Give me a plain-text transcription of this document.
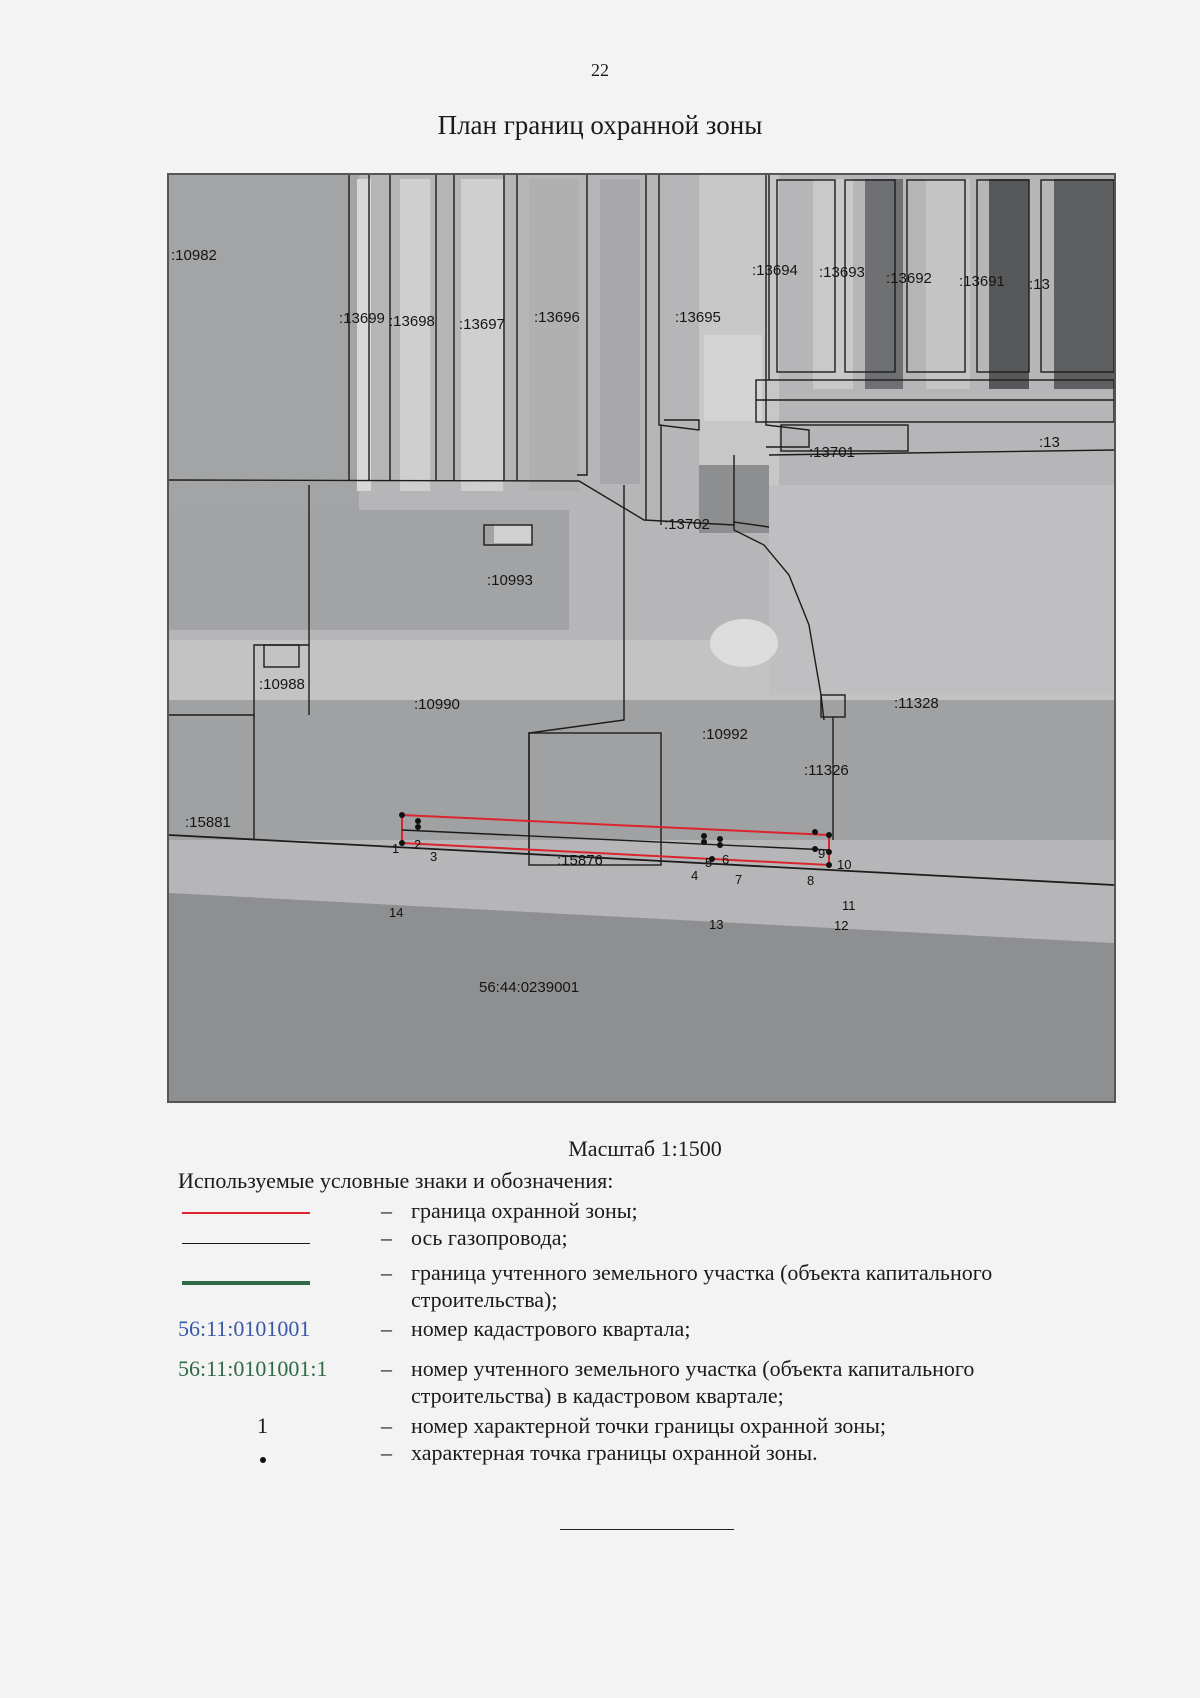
22
План границ охранной зоны
:10982
:13699 :13698 :13697 :13696	:13695
:13694 :13693 :13692 :13691 :13
:13701
:13
:13702
:10993
:10988
:10990
:10992
:11328
:11326
:15881
:15876
56:44:0239001
1 2
3
4
5 6
7	8
9
10
11
12
13
14
Масштаб 1:1500
Используемые условные знаки и обозначения:
– граница охранной зоны;
– ось газопровода;
– граница учтенного земельного участка (объекта капитального строительства);
56:11:0101001	– номер кадастрового квартала;
56:11:0101001:1	– номер учтенного земельного участка (объекта капитального строительства) в кадастровом квартале;
1	– номер характерной точки границы охранной зоны;
– характерная точка границы охранной зоны.
